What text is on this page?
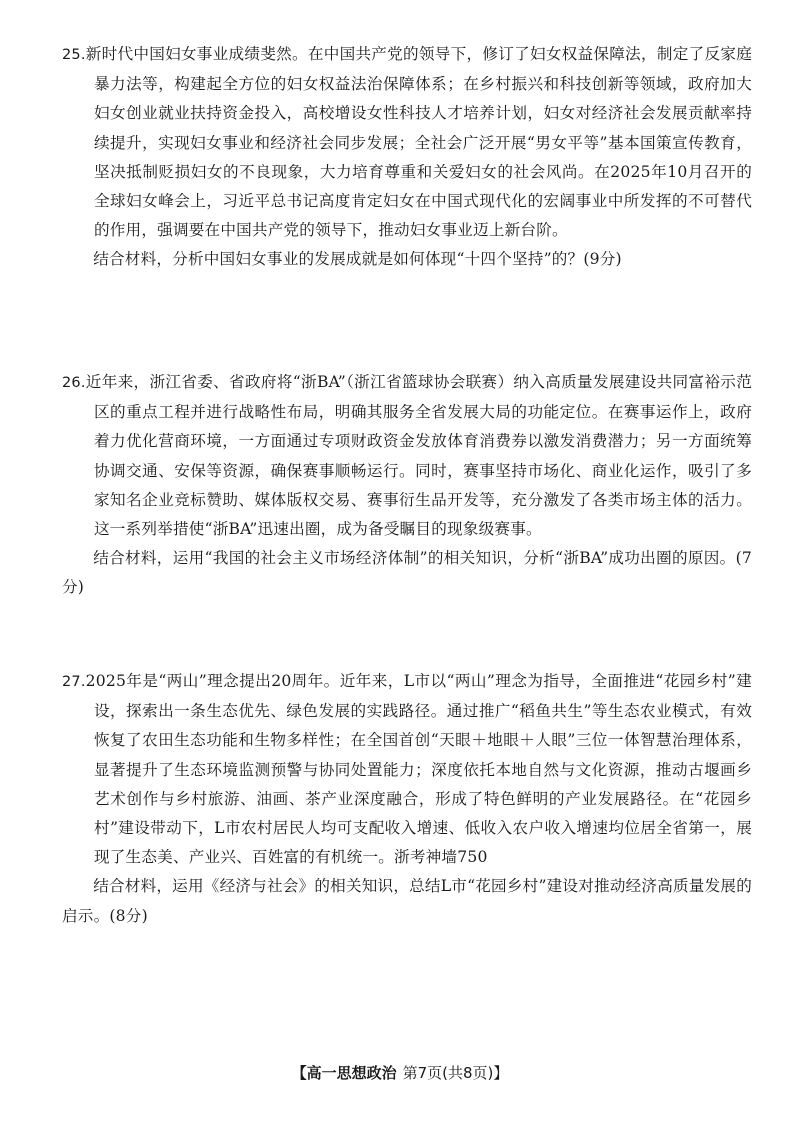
25.新时代中国妇女事业成绩斐然。在中国共产党的领导下，修订了妇女权益保障法，制定了反家庭暴力法等，构建起全方位的妇女权益法治保障体系；在乡村振兴和科技创新等领域，政府加大妇女创业就业扶持资金投入，高校增设女性科技人才培养计划，妇女对经济社会发展贡献率持续提升，实现妇女事业和经济社会同步发展；全社会广泛开展“男女平等”基本国策宣传教育，坚决抵制贬损妇女的不良现象，大力培育尊重和关爱妇女的社会风尚。在2025年10月召开的全球妇女峰会上，习近平总书记高度肯定妇女在中国式现代化的宏阔事业中所发挥的不可替代的作用，强调要在中国共产党的领导下，推动妇女事业迈上新台阶。

结合材料，分析中国妇女事业的发展成就是如何体现“十四个坚持”的？(9分)

26.近年来，浙江省委、省政府将“浙BA”（浙江省篮球协会联赛）纳入高质量发展建设共同富裕示范区的重点工程并进行战略性布局，明确其服务全省发展大局的功能定位。在赛事运作上，政府着力优化营商环境，一方面通过专项财政资金发放体育消费券以激发消费潜力；另一方面统筹协调交通、安保等资源，确保赛事顺畅运行。同时，赛事坚持市场化、商业化运作，吸引了多家知名企业竞标赞助、媒体版权交易、赛事衍生品开发等，充分激发了各类市场主体的活力。这一系列举措使“浙BA”迅速出圈，成为备受瞩目的现象级赛事。

结合材料，运用“我国的社会主义市场经济体制”的相关知识，分析“浙BA”成功出圈的原因。(7分)

27.2025年是“两山”理念提出20周年。近年来，L市以“两山”理念为指导，全面推进“花园乡村”建设，探索出一条生态优先、绿色发展的实践路径。通过推广“稻鱼共生”等生态农业模式，有效恢复了农田生态功能和生物多样性；在全国首创“天眼＋地眼＋人眼”三位一体智慧治理体系，显著提升了生态环境监测预警与协同处置能力；深度依托本地自然与文化资源，推动古堰画乡艺术创作与乡村旅游、油画、茶产业深度融合，形成了特色鲜明的产业发展路径。在“花园乡村”建设带动下，L市农村居民人均可支配收入增速、低收入农户收入增速均位居全省第一，展现了生态美、产业兴、百姓富的有机统一。浙考神墙750

结合材料，运用《经济与社会》的相关知识，总结L市“花园乡村”建设对推动经济高质量发展的启示。(8分)

【高一思想政治 第7页(共8页)】
